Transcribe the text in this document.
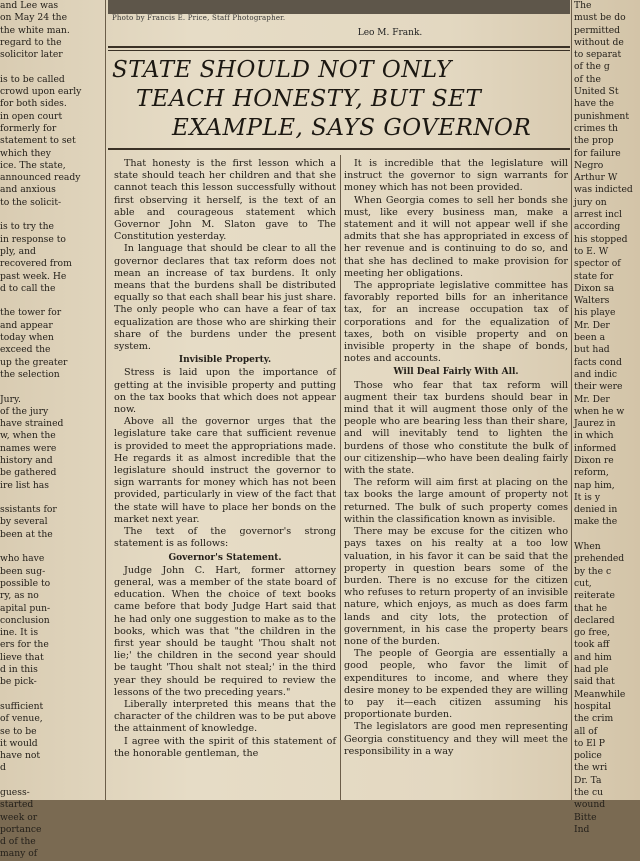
Photo by Francis E. Price, Staff Photographer.
Leo M. Frank.
STATE SHOULD NOT ONLY
TEACH HONESTY, BUT SET
EXAMPLE, SAYS GOVERNOR

and Lee was

on May 24 the

the white man.

regard to the

solicitor later

is to be called

crowd upon early

for both sides.

in open court

formerly for

statement to set

which they

ice. The state,

announced ready

and anxious

to the solicit-

is to try the

in response to

ply, and

recovered from

past week. He

d to call the

the tower for

and appear

today when

exceed the

up the greater

the selection

Jury.

of the jury

have strained

w, when the

names were

history and

be gathered

ire list has

ssistants for

by several

been at the

who have

been sug-

possible to

ry, as no

apital pun-

conclusion

ine. It is

ers for the

lieve that

d in this

be pick-

sufficient

of venue,

se to be

it would

have not

d

guess-

started

week or

portance

d of the

many of

The

must be do

permitted

without de

to separat

of the g

of the

United St

have the

punishment

crimes th

the prop

for failure

Negro

Arthur W

was indicted

jury on

arrest incl

according

his stopped

to E. W

spector of

state for

Dixon sa

Walters

his playe

Mr. Der

been a

but had

facts cond

and indic

their were

Mr. Der

when he w

Jaurez in

in which

informed

Dixon re

reform,

nap him,

It is y

denied in

make the

When

prehended

by the c

cut,

reiterate

that he

declared

go free,

took aff

and him

had ple

said that

Meanwhile

hospital

the crim

all of

to El P

police

the wri

Dr. Ta

the cu

wound

Bitte

Ind

That honesty is the first lesson which a state should teach her children and that she cannot teach this lesson successfully without first observing it herself, is the text of an able and courageous statement which Governor John M. Slaton gave to The Constitution yesterday.

In language that should be clear to all the governor declares that tax reform does not mean an increase of tax burdens. It only means that the burdens shall be distributed equally so that each shall bear his just share. The only people who can have a fear of tax equalization are those who are shirking their share of the burdens under the present system.

Invisible Property.

Stress is laid upon the importance of getting at the invisible property and putting on the tax books that which does not appear now.

Above all the governor urges that the legislature take care that sufficient revenue is provided to meet the appropriations made. He regards it as almost incredible that the legislature should instruct the governor to sign warrants for money which has not been provided, particularly in view of the fact that the state will have to place her bonds on the market next year.

The text of the governor's strong statement is as follows:

Governor's Statement.

Judge John C. Hart, former attorney general, was a member of the state board of education. When the choice of text books came before that body Judge Hart said that he had only one suggestion to make as to the books, which was that "the children in the first year should be taught 'Thou shalt not lie;' the children in the second year should be taught 'Thou shalt not steal;' in the third year they should be required to review the lessons of the two preceding years."

Liberally interpreted this means that the character of the children was to be put above the attainment of knowledge.

I agree with the spirit of this statement of the honorable gentleman, the

It is incredible that the legislature will instruct the governor to sign warrants for money which has not been provided.

When Georgia comes to sell her bonds she must, like every business man, make a statement and it will not appear well if she admits that she has appropriated in excess of her revenue and is continuing to do so, and that she has declined to make provision for meeting her obligations.

The appropriate legislative committee has favorably reported bills for an inheritance tax, for an increase occupation tax of corporations and for the equalization of taxes, both on visible property and on invisible property in the shape of bonds, notes and accounts.

Will Deal Fairly With All.

Those who fear that tax reform will augment their tax burdens should bear in mind that it will augment those only of the people who are bearing less than their share, and will inevitably tend to lighten the burdens of those who constitute the bulk of our citizenship—who have been dealing fairly with the state.

The reform will aim first at placing on the tax books the large amount of property not returned. The bulk of such property comes within the classification known as invisible.

There may be excuse for the citizen who pays taxes on his realty at a too low valuation, in his favor it can be said that the property in question bears some of the burden. There is no excuse for the citizen who refuses to return property of an invisible nature, which enjoys, as much as does farm lands and city lots, the protection of government, in his case the property bears none of the burden.

The people of Georgia are essentially a good people, who favor the limit of expenditures to income, and where they desire money to be expended they are willing to pay it—each citizen assuming his proportionate burden.

The legislators are good men representing Georgia constituency and they will meet the responsibility in a way
